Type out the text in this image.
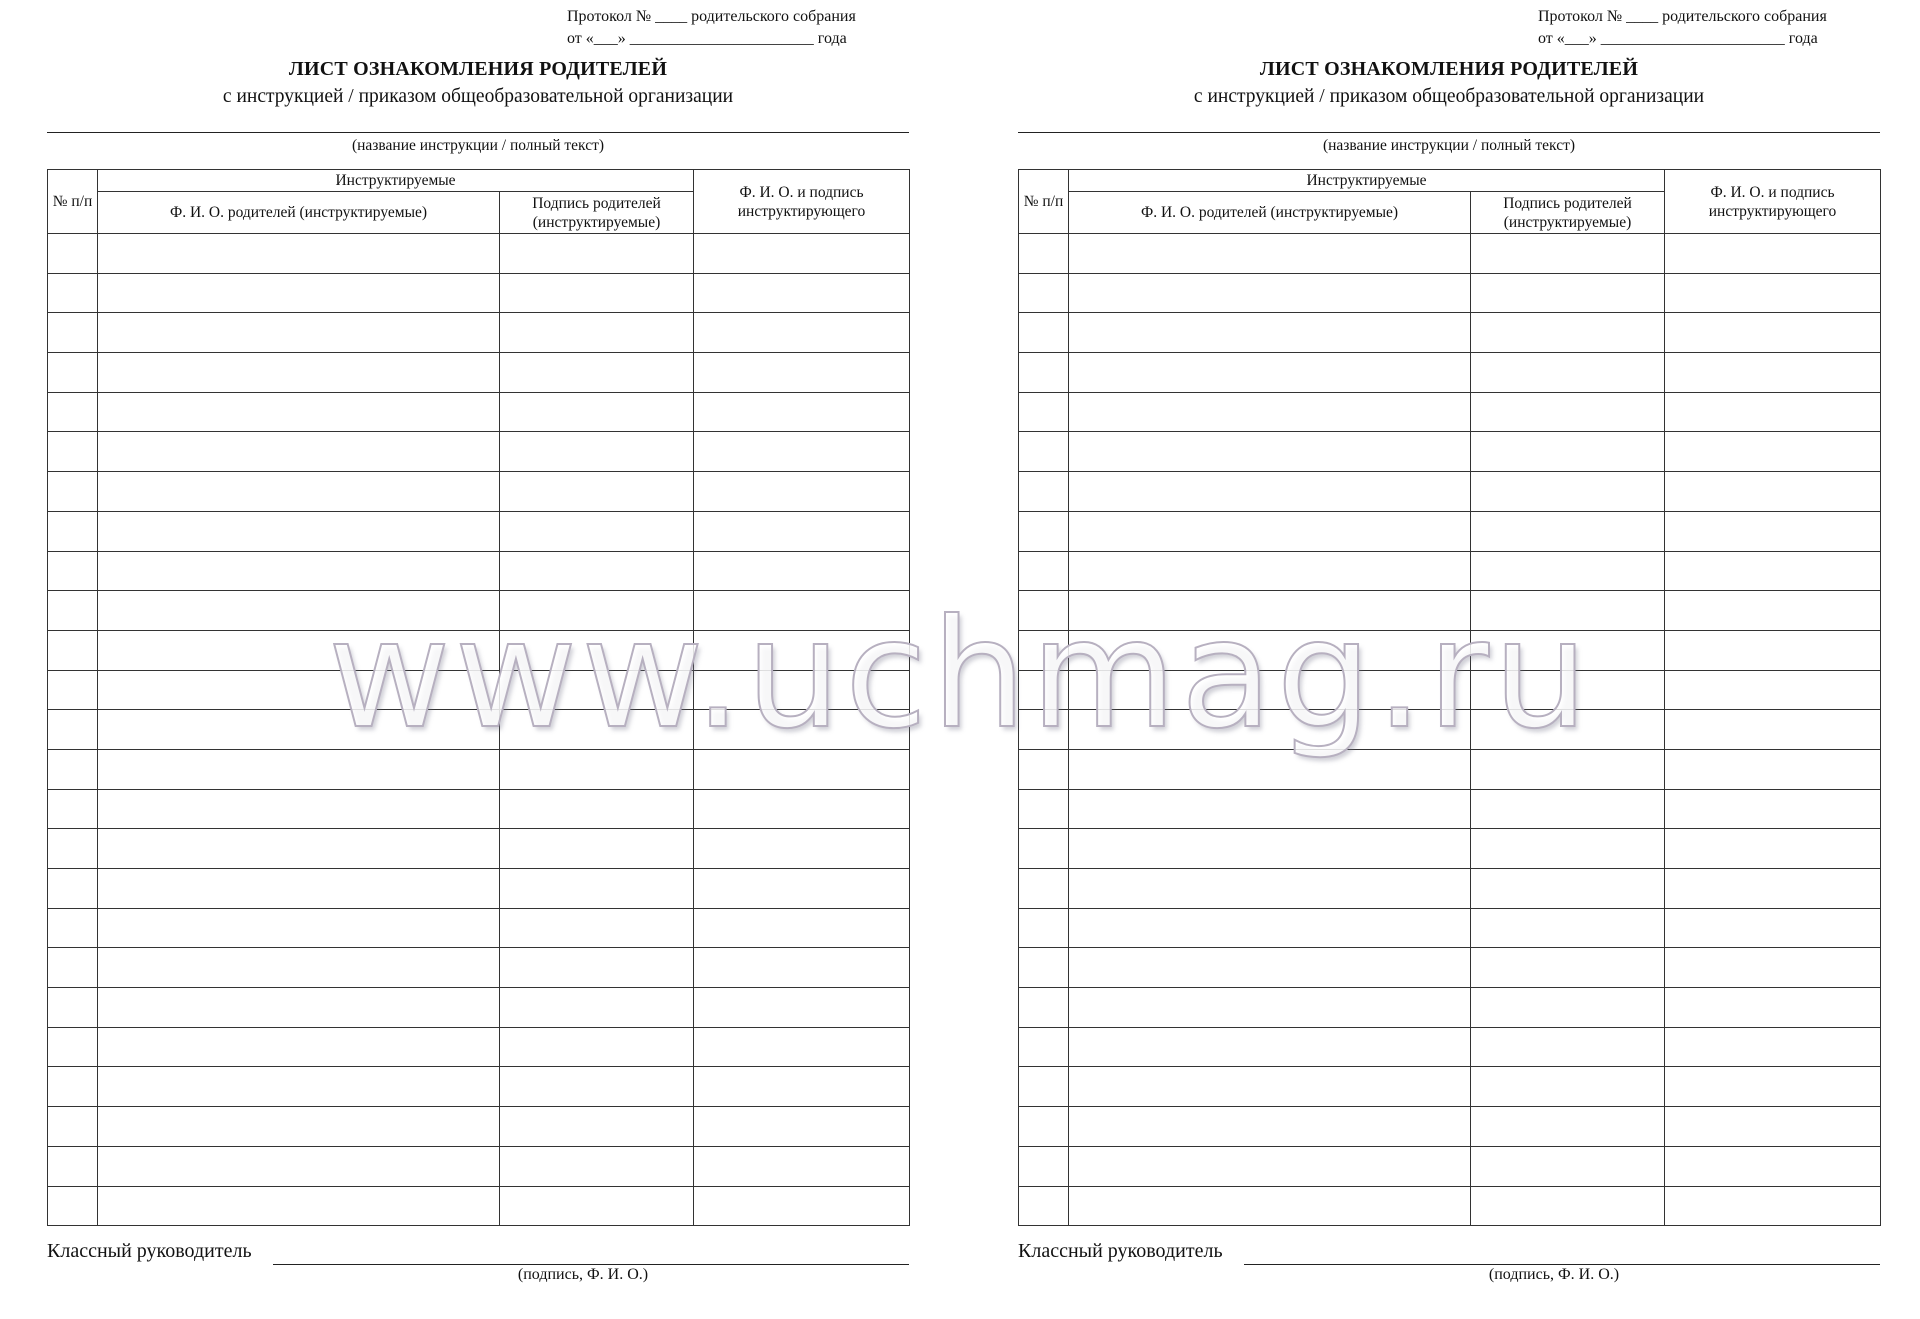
Протокол № ____ родительского собрания
от «___» _______________________ года
ЛИСТ ОЗНАКОМЛЕНИЯ РОДИТЕЛЕЙ
с инструкцией / приказом общеобразовательной организации
(название инструкции / полный текст)
№ п/п	Инструктируемые		Ф. И. О. и подпись инструктирующего
	Ф. И. О. родителей (инструктируемые)	Подпись родителей (инструктируемые)	

Классный руководитель
(подпись, Ф. И. О.)
Протокол № ____ родительского собрания
от «___» _______________________ года
ЛИСТ ОЗНАКОМЛЕНИЯ РОДИТЕЛЕЙ
с инструкцией / приказом общеобразовательной организации
(название инструкции / полный текст)
№ п/п	Инструктируемые		Ф. И. О. и подпись инструктирующего
	Ф. И. О. родителей (инструктируемые)	Подпись родителей (инструктируемые)	

Классный руководитель
(подпись, Ф. И. О.)
www.uchmag.ru
